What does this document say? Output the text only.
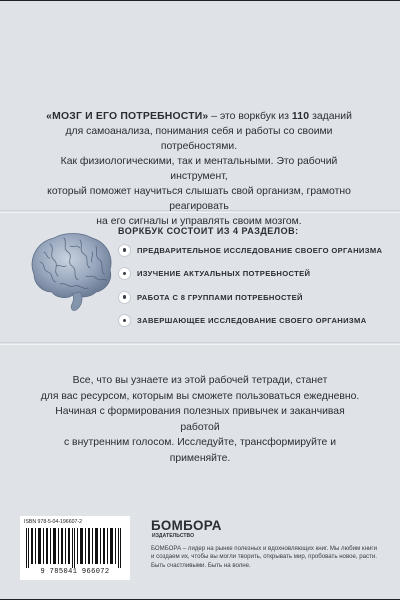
«МОЗГ И ЕГО ПОТРЕБНОСТИ» – это воркбук из 110 заданий
для самоанализа, понимания себя и работы со своими потребностями.
Как физиологическими, так и ментальными. Это рабочий инструмент,
который поможет научиться слышать свой организм, грамотно реагировать
на его сигналы и управлять своим мозгом.
ВОРКБУК СОСТОИТ ИЗ 4 РАЗДЕЛОВ:
ПРЕДВАРИТЕЛЬНОЕ ИССЛЕДОВАНИЕ СВОЕГО ОРГАНИЗМА
ИЗУЧЕНИЕ АКТУАЛЬНЫХ ПОТРЕБНОСТЕЙ
РАБОТА С 8 ГРУППАМИ ПОТРЕБНОСТЕЙ
ЗАВЕРШАЮЩЕЕ ИССЛЕДОВАНИЕ СВОЕГО ОРГАНИЗМА
Все, что вы узнаете из этой рабочей тетради, станет
для вас ресурсом, которым вы сможете пользоваться ежедневно.
Начиная с формирования полезных привычек и заканчивая работой
с внутренним голосом. Исследуйте, трансформируйте и применяйте.
ISBN 978-5-04-196607-2
9 785041 966072
БОМБОРА
ИЗДАТЕЛЬСТВО
БОМБОРА – лидер на рынке полезных и вдохновляющих книг. Мы любим книги и создаем их, чтобы вы могли творить, открывать мир, пробовать новое, расти. Быть счастливыми. Быть на волне.
